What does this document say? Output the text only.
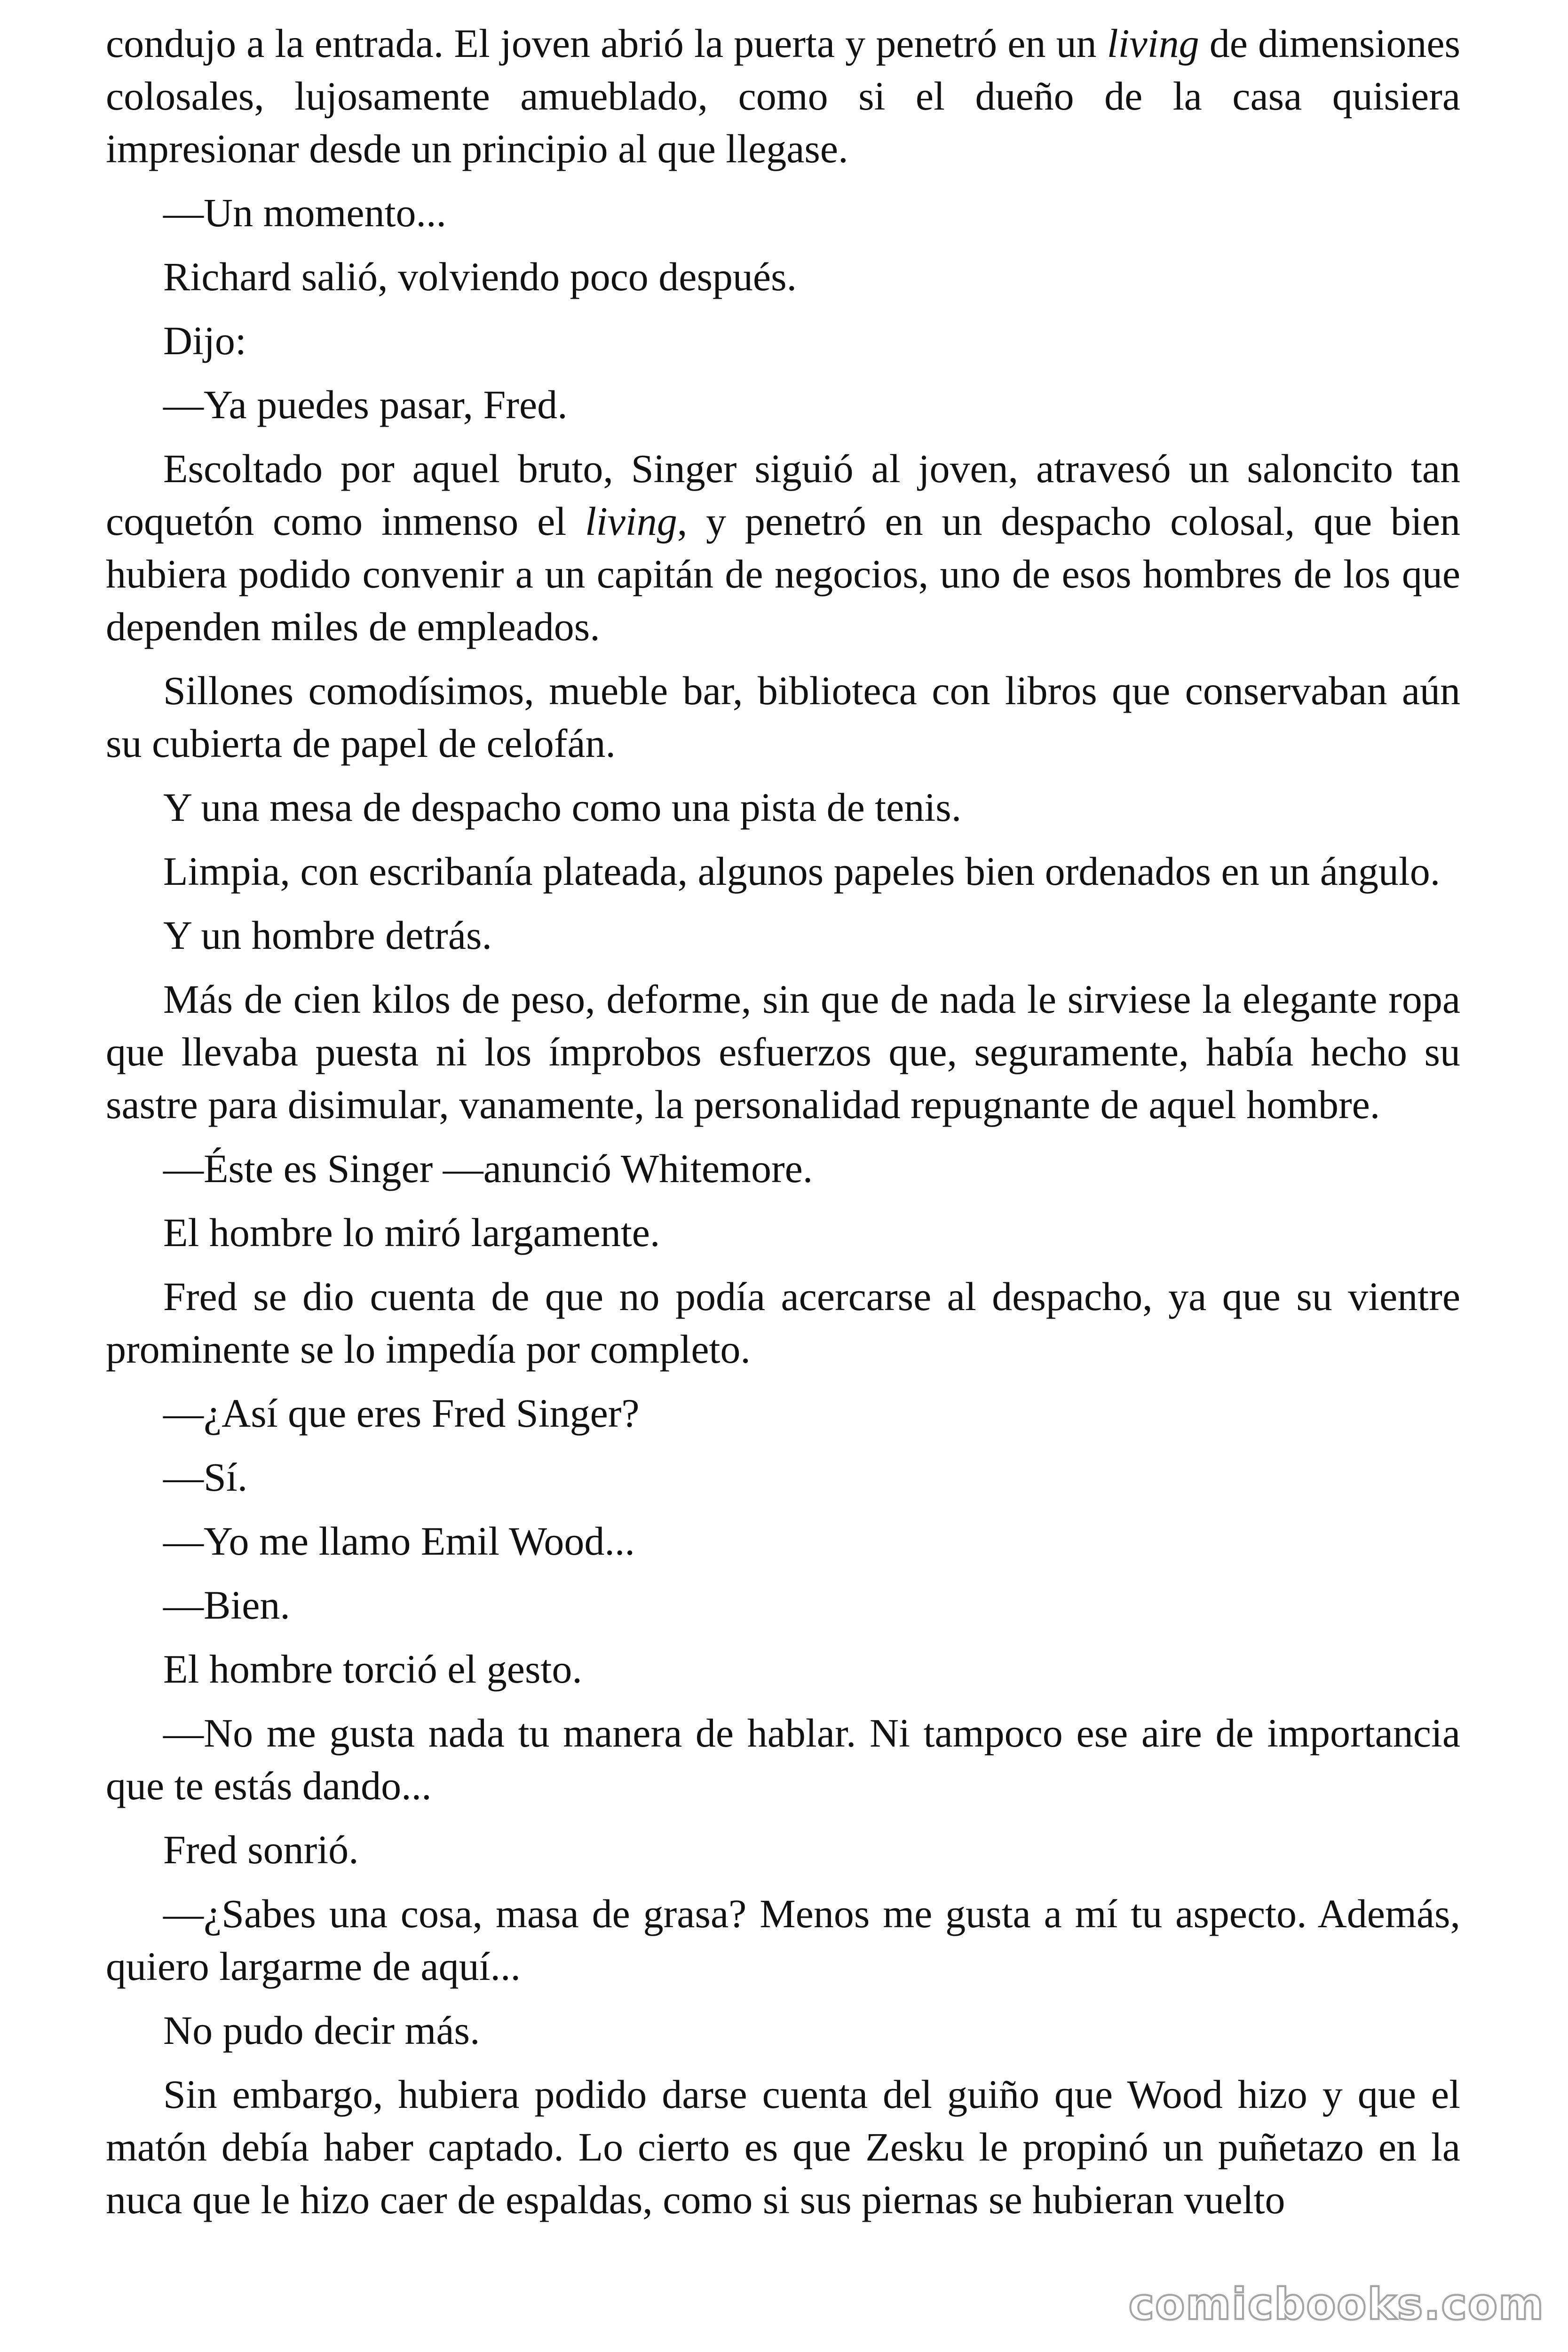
condujo a la entrada. El joven abrió la puerta y penetró en un living de dimensiones colosales, lujosamente amueblado, como si el dueño de la casa quisiera impresionar desde un principio al que llegase.

—Un momento...

Richard salió, volviendo poco después.

Dijo:

—Ya puedes pasar, Fred.

Escoltado por aquel bruto, Singer siguió al joven, atravesó un saloncito tan coquetón como inmenso el living, y penetró en un despacho colosal, que bien hubiera podido convenir a un capitán de negocios, uno de esos hombres de los que dependen miles de empleados.

Sillones comodísimos, mueble bar, biblioteca con libros que conservaban aún su cubierta de papel de celofán.

Y una mesa de despacho como una pista de tenis.

Limpia, con escribanía plateada, algunos papeles bien ordenados en un ángulo.

Y un hombre detrás.

Más de cien kilos de peso, deforme, sin que de nada le sirviese la elegante ropa que llevaba puesta ni los ímprobos esfuerzos que, seguramente, había hecho su sastre para disimular, vanamente, la personalidad repugnante de aquel hombre.

—Éste es Singer —anunció Whitemore.

El hombre lo miró largamente.

Fred se dio cuenta de que no podía acercarse al despacho, ya que su vientre prominente se lo impedía por completo.

—¿Así que eres Fred Singer?

—Sí.

—Yo me llamo Emil Wood...

—Bien.

El hombre torció el gesto.

—No me gusta nada tu manera de hablar. Ni tampoco ese aire de importancia que te estás dando...

Fred sonrió.

—¿Sabes una cosa, masa de grasa? Menos me gusta a mí tu aspecto. Además, quiero largarme de aquí...

No pudo decir más.

Sin embargo, hubiera podido darse cuenta del guiño que Wood hizo y que el matón debía haber captado. Lo cierto es que Zesku le propinó un puñetazo en la nuca que le hizo caer de espaldas, como si sus piernas se hubieran vuelto

comicbooks.com
